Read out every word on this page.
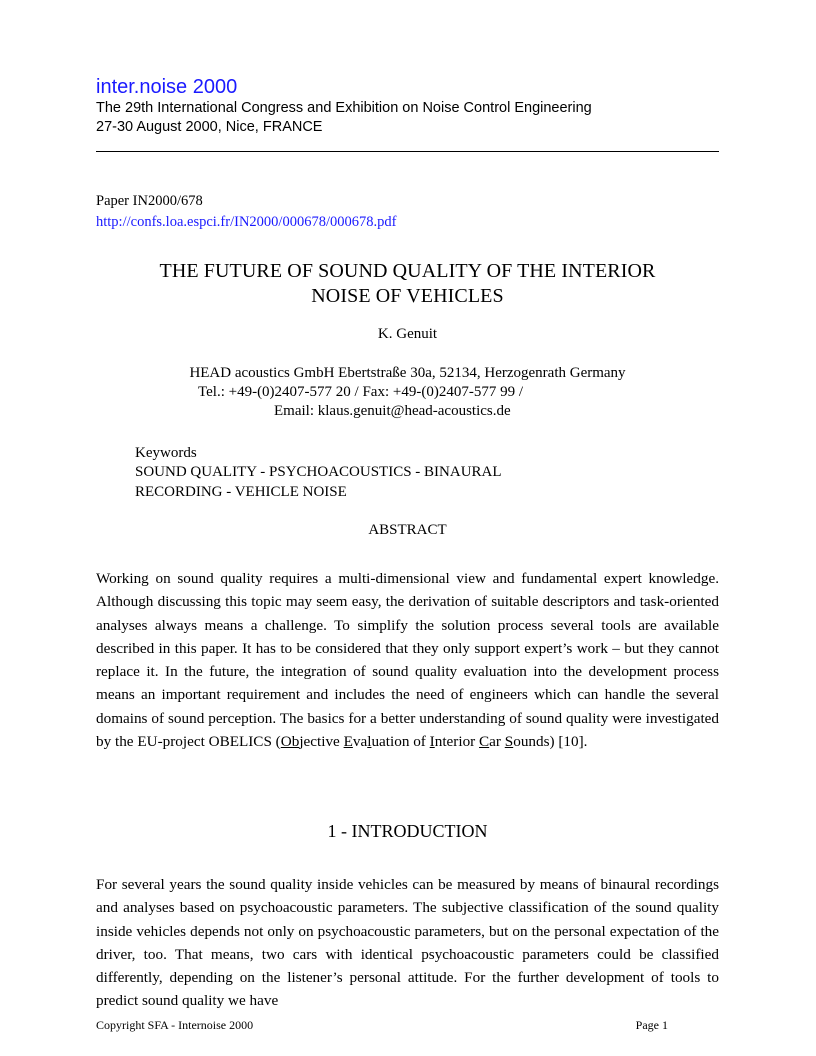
inter.noise 2000
The 29th International Congress and Exhibition on Noise Control Engineering
27-30 August 2000, Nice, FRANCE
Paper IN2000/678
http://confs.loa.espci.fr/IN2000/000678/000678.pdf
THE FUTURE OF SOUND QUALITY OF THE INTERIOR
NOISE OF VEHICLES
K. Genuit
HEAD acoustics GmbH Ebertstraße 30a, 52134, Herzogenrath Germany
Tel.: +49-(0)2407-577 20 / Fax: +49-(0)2407-577 99 /
Email: klaus.genuit@head-acoustics.de
Keywords
SOUND QUALITY - PSYCHOACOUSTICS - BINAURAL
RECORDING - VEHICLE NOISE
ABSTRACT

Working on sound quality requires a multi-dimensional view and fundamental expert knowledge. Although discussing this topic may seem easy, the derivation of suitable descriptors and task-oriented analyses always means a challenge. To simplify the solution process several tools are available described in this paper. It has to be considered that they only support expert’s work – but they cannot replace it. In the future, the integration of sound quality evaluation into the development process means an important requirement and includes the need of engineers which can handle the several domains of sound perception. The basics for a better understanding of sound quality were investigated by the EU-project OBELICS (Objective Evaluation of Interior Car Sounds) [10].

1 - INTRODUCTION

For several years the sound quality inside vehicles can be measured by means of binaural recordings and analyses based on psychoacoustic parameters. The subjective classification of the sound quality inside vehicles depends not only on psychoacoustic parameters, but on the personal expectation of the driver, too. That means, two cars with identical psychoacoustic parameters could be classified differently, depending on the listener’s personal attitude. For the further development of tools to predict sound quality we have

Copyright SFA - Internoise 2000	Page 1
